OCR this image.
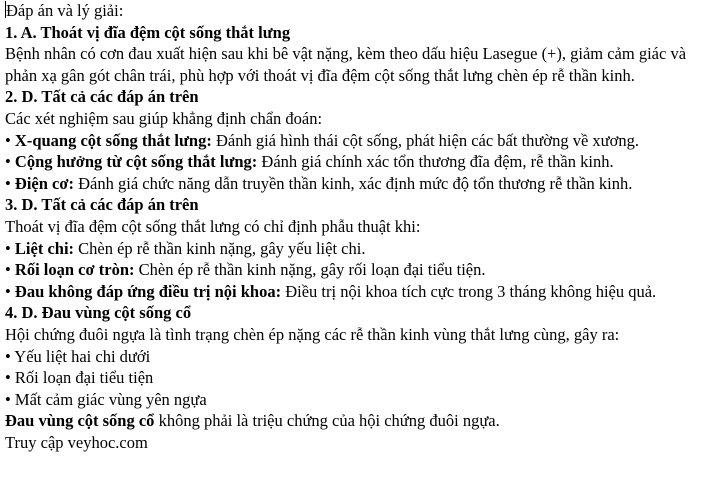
Đáp án và lý giải:

1. A. Thoát vị đĩa đệm cột sống thắt lưng

Bệnh nhân có cơn đau xuất hiện sau khi bê vật nặng, kèm theo dấu hiệu Lasegue (+), giảm cảm giác và phản xạ gân gót chân trái, phù hợp với thoát vị đĩa đệm cột sống thắt lưng chèn ép rễ thần kinh.

2. D. Tất cả các đáp án trên

Các xét nghiệm sau giúp khẳng định chẩn đoán:

• X-quang cột sống thắt lưng: Đánh giá hình thái cột sống, phát hiện các bất thường về xương.

• Cộng hưởng từ cột sống thắt lưng: Đánh giá chính xác tổn thương đĩa đệm, rễ thần kinh.

• Điện cơ: Đánh giá chức năng dẫn truyền thần kinh, xác định mức độ tổn thương rễ thần kinh.

3. D. Tất cả các đáp án trên

Thoát vị đĩa đệm cột sống thắt lưng có chỉ định phẫu thuật khi:

• Liệt chi: Chèn ép rễ thần kinh nặng, gây yếu liệt chi.

• Rối loạn cơ tròn: Chèn ép rễ thần kinh nặng, gây rối loạn đại tiểu tiện.

• Đau không đáp ứng điều trị nội khoa: Điều trị nội khoa tích cực trong 3 tháng không hiệu quả.

4. D. Đau vùng cột sống cổ

Hội chứng đuôi ngựa là tình trạng chèn ép nặng các rễ thần kinh vùng thắt lưng cùng, gây ra:

• Yếu liệt hai chi dưới

• Rối loạn đại tiểu tiện

• Mất cảm giác vùng yên ngựa

Đau vùng cột sống cổ không phải là triệu chứng của hội chứng đuôi ngựa.

Truy cập veyhoc.com
